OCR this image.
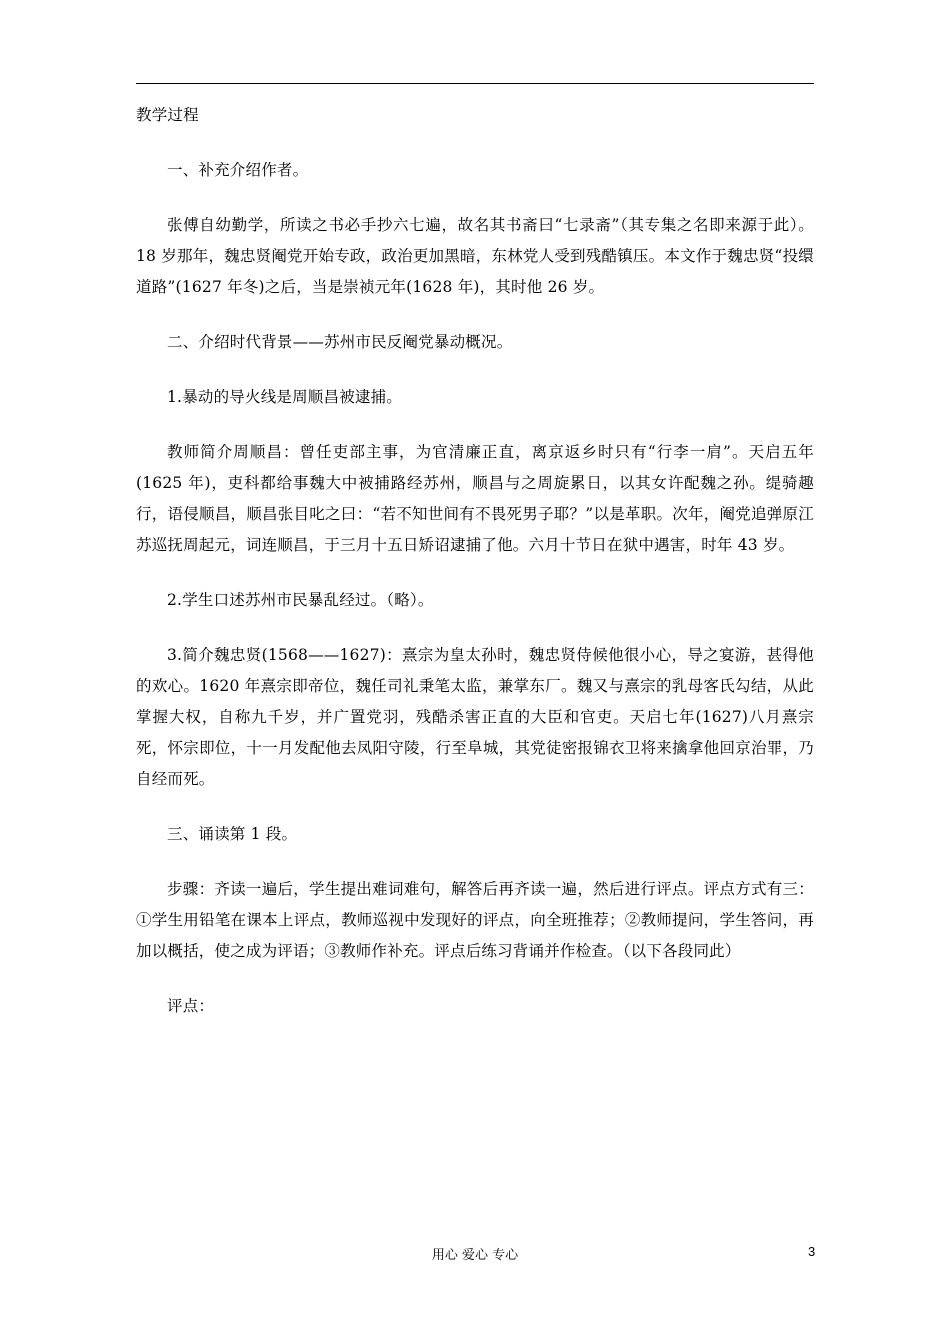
教学过程

一、补充介绍作者。

张傅自幼勤学，所读之书必手抄六七遍，故名其书斋曰“七录斋”（其专集之名即来源于此）。18 岁那年，魏忠贤阉党开始专政，政治更加黑暗，东林党人受到残酷镇压。本文作于魏忠贤“投缳道路”(1627 年冬)之后，当是崇祯元年(1628 年)，其时他 26 岁。

二、介绍时代背景——苏州市民反阉党暴动概况。

1.暴动的导火线是周顺昌被逮捕。

教师简介周顺昌：曾任吏部主事，为官清廉正直，离京返乡时只有“行李一肩”。天启五年(1625 年)，吏科都给事魏大中被捕路经苏州，顺昌与之周旋累日，以其女许配魏之孙。缇骑趣行，语侵顺昌，顺昌张目叱之曰：“若不知世间有不畏死男子耶？”以是革职。次年，阉党追弹原江苏巡抚周起元，词连顺昌，于三月十五日矫诏逮捕了他。六月十节日在狱中遇害，时年 43 岁。

2.学生口述苏州市民暴乱经过。（略）。

3.简介魏忠贤(1568——1627)：熹宗为皇太孙时，魏忠贤侍候他很小心，导之宴游，甚得他的欢心。1620 年熹宗即帝位，魏任司礼秉笔太监，兼掌东厂。魏又与熹宗的乳母客氏勾结，从此掌握大权，自称九千岁，并广置党羽，残酷杀害正直的大臣和官吏。天启七年(1627)八月熹宗死，怀宗即位，十一月发配他去凤阳守陵，行至阜城，其党徒密报锦衣卫将来擒拿他回京治罪，乃自经而死。

三、诵读第 1 段。

步骤：齐读一遍后，学生提出难词难句，解答后再齐读一遍，然后进行评点。评点方式有三：①学生用铅笔在课本上评点，教师巡视中发现好的评点，向全班推荐；②教师提问，学生答问，再加以概括，使之成为评语；③教师作补充。评点后练习背诵并作检查。（以下各段同此）

评点：

用心 爱心 专心	3
